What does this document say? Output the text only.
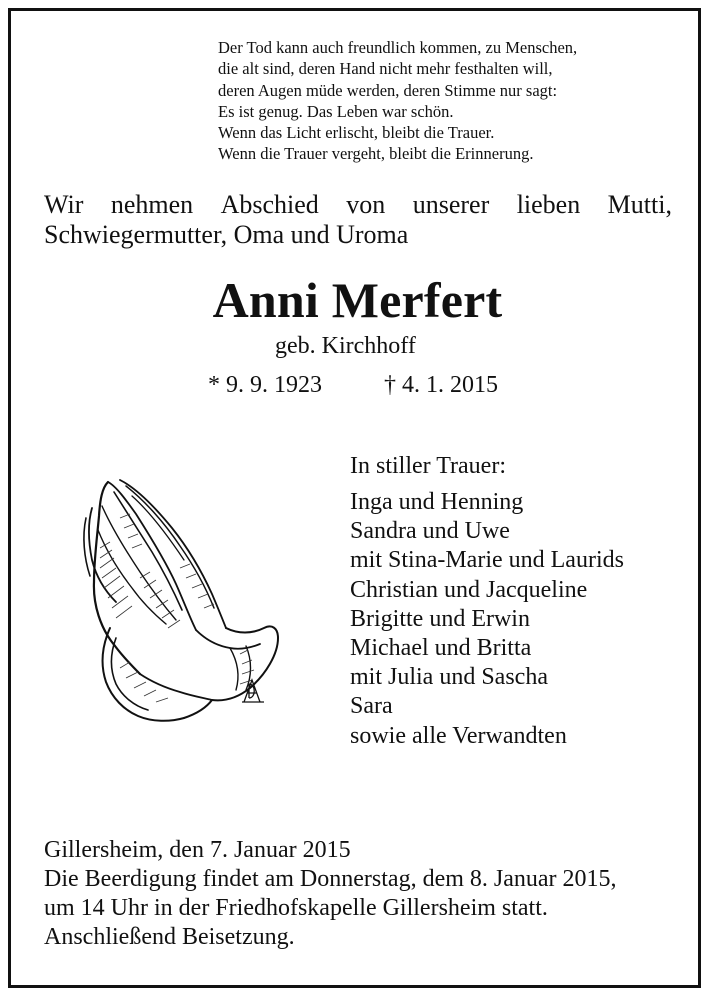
Der Tod kann auch freundlich kommen, zu Menschen,
die alt sind, deren Hand nicht mehr festhalten will,
deren Augen müde werden, deren Stimme nur sagt:
Es ist genug. Das Leben war schön.
Wenn das Licht erlischt, bleibt die Trauer.
Wenn die Trauer vergeht, bleibt die Erinnerung.
Wir nehmen Abschied von unserer lieben Mutti,
Schwiegermutter, Oma und Uroma
Anni Merfert
geb. Kirchhoff
* 9. 9. 1923	† 4. 1. 2015
In stiller Trauer:
Inga und Henning
Sandra und Uwe
mit Stina-Marie und Laurids
Christian und Jacqueline
Brigitte und Erwin
Michael und Britta
mit Julia und Sascha
Sara
sowie alle Verwandten
Gillersheim, den 7. Januar 2015
Die Beerdigung findet am Donnerstag, dem 8. Januar 2015,
um 14 Uhr in der Friedhofskapelle Gillersheim statt.
Anschließend Beisetzung.
